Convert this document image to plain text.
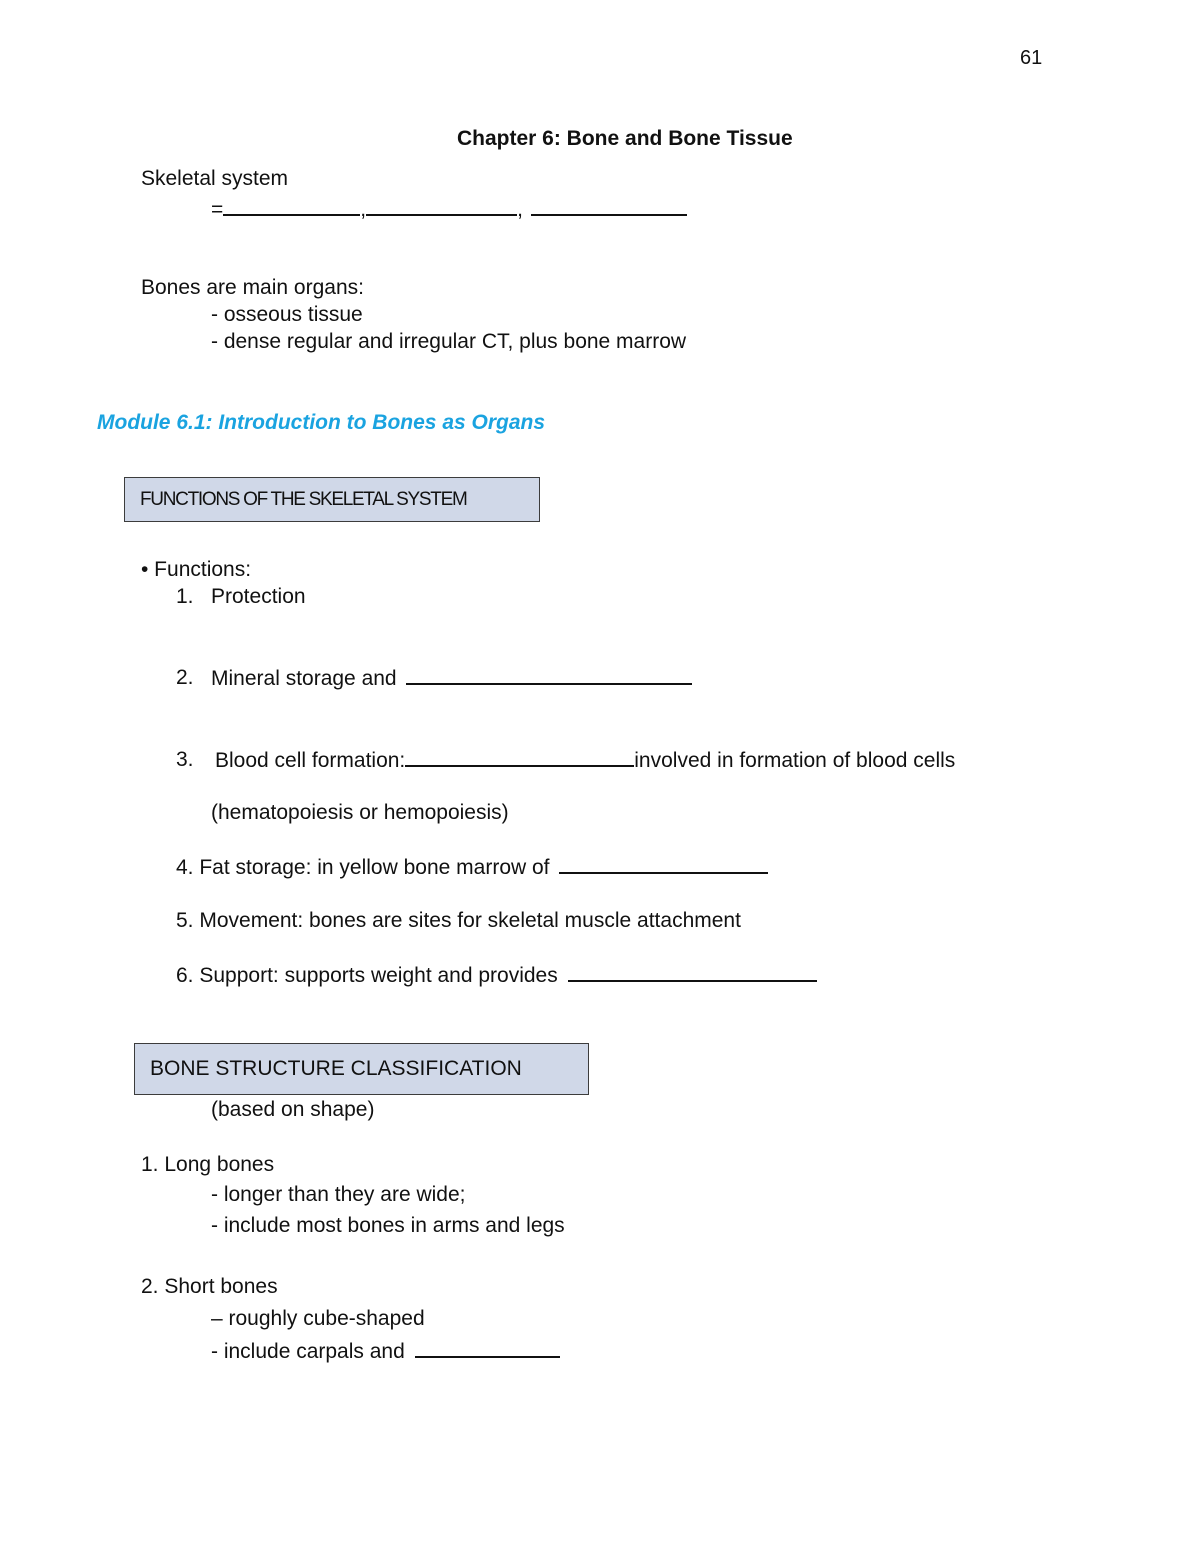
61
Chapter 6: Bone and Bone Tissue
Skeletal system
=	,	,
Bones are main organs:
- osseous tissue
- dense regular and irregular CT, plus bone marrow
Module 6.1: Introduction to Bones as Organs
FUNCTIONS OF THE SKELETAL SYSTEM
• Functions:
1. Protection
2. Mineral storage and
3. Blood cell formation:	involved in formation of blood cells
(hematopoiesis or hemopoiesis)
4. Fat storage: in yellow bone marrow of
5. Movement: bones are sites for skeletal muscle attachment
6. Support: supports weight and provides
BONE STRUCTURE CLASSIFICATION
(based on shape)
1. Long bones
- longer than they are wide;
- include most bones in arms and legs
2. Short bones
– roughly cube-shaped
- include carpals and
